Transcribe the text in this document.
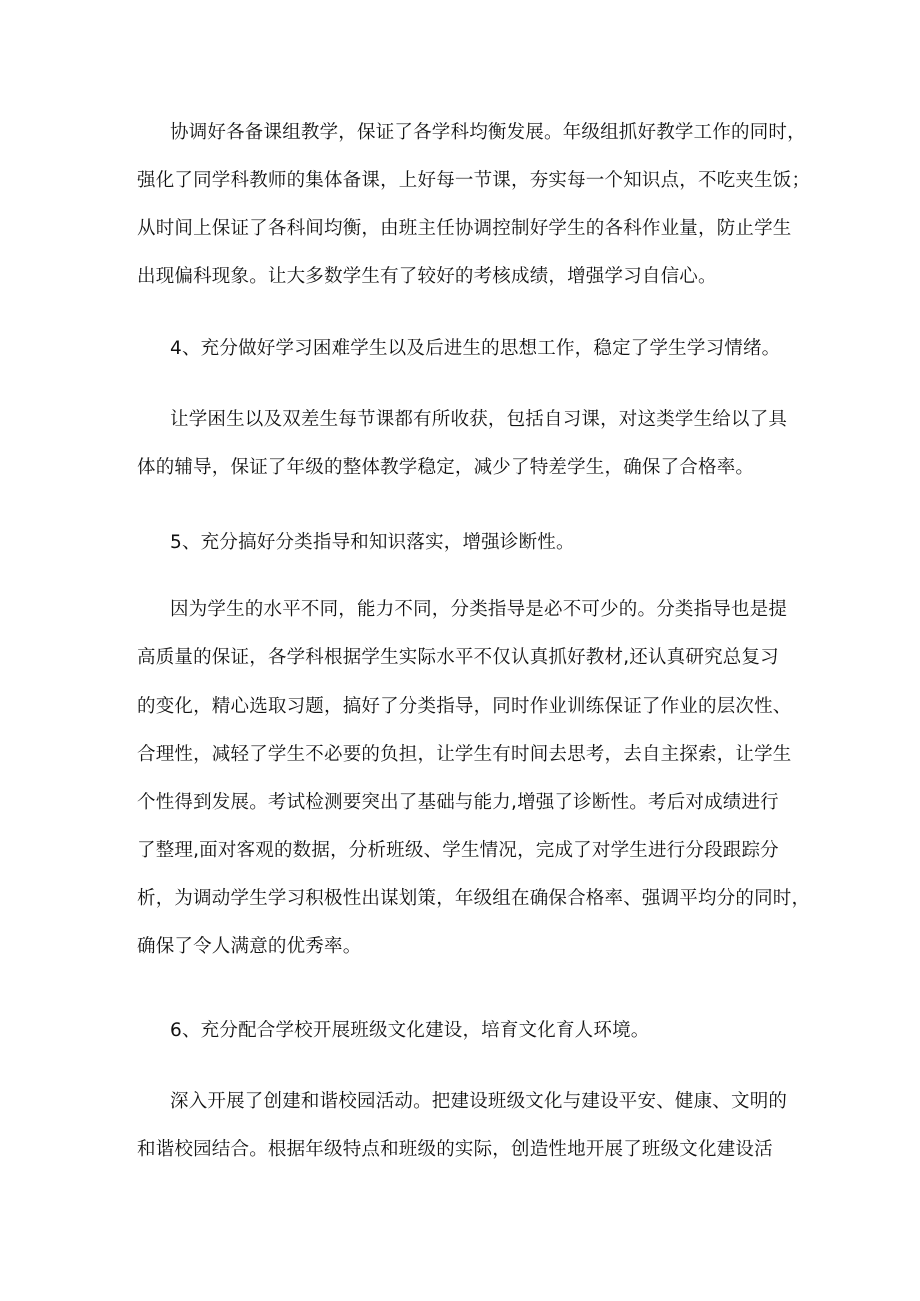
协调好各备课组教学，保证了各学科均衡发展。年级组抓好教学工作的同时，
强化了同学科教师的集体备课，上好每一节课，夯实每一个知识点，不吃夹生饭；
从时间上保证了各科间均衡，由班主任协调控制好学生的各科作业量，防止学生
出现偏科现象。让大多数学生有了较好的考核成绩，增强学习自信心。
4、充分做好学习困难学生以及后进生的思想工作，稳定了学生学习情绪。
让学困生以及双差生每节课都有所收获，包括自习课，对这类学生给以了具
体的辅导，保证了年级的整体教学稳定，减少了特差学生，确保了合格率。
5、充分搞好分类指导和知识落实，增强诊断性。
因为学生的水平不同，能力不同，分类指导是必不可少的。分类指导也是提
高质量的保证，各学科根据学生实际水平不仅认真抓好教材,还认真研究总复习
的变化，精心选取习题，搞好了分类指导，同时作业训练保证了作业的层次性、
合理性，减轻了学生不必要的负担，让学生有时间去思考，去自主探索，让学生
个性得到发展。考试检测要突出了基础与能力,增强了诊断性。考后对成绩进行
了整理,面对客观的数据，分析班级、学生情况，完成了对学生进行分段跟踪分
析，为调动学生学习积极性出谋划策，年级组在确保合格率、强调平均分的同时，
确保了令人满意的优秀率。
6、充分配合学校开展班级文化建设，培育文化育人环境。
深入开展了创建和谐校园活动。把建设班级文化与建设平安、健康、文明的
和谐校园结合。根据年级特点和班级的实际，创造性地开展了班级文化建设活
